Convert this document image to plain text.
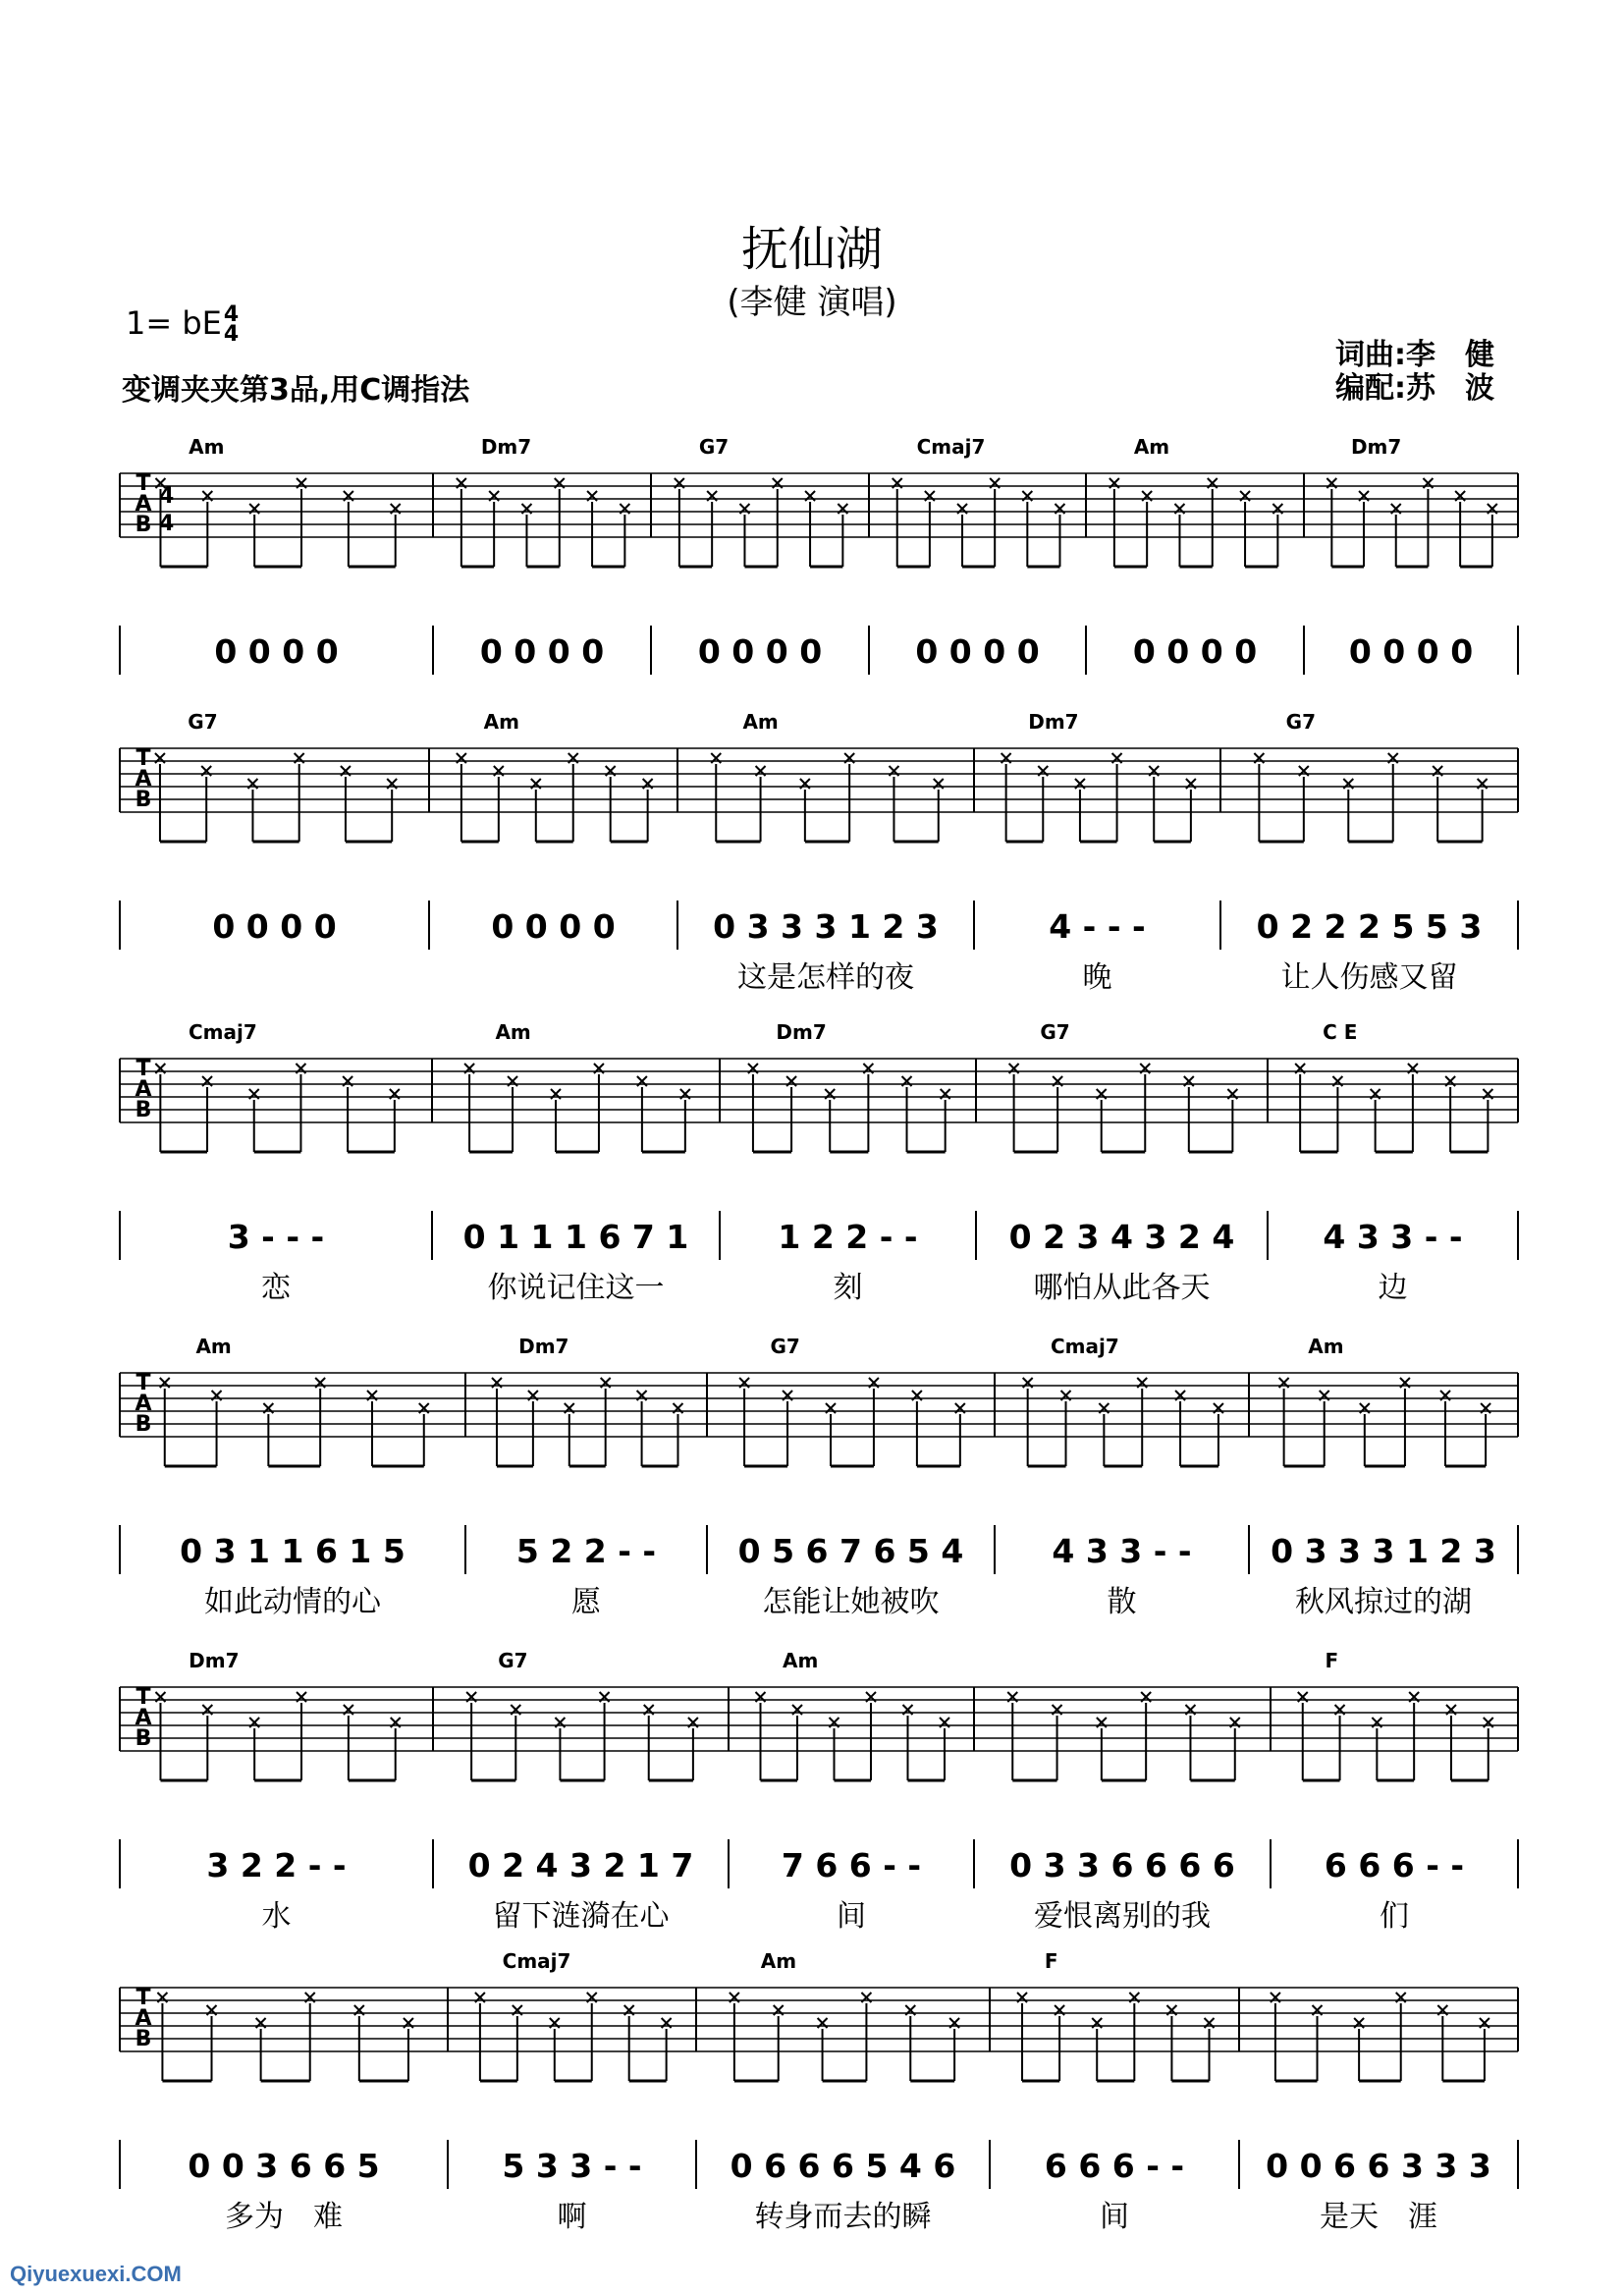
抚仙湖
(李健 演唱)
1= bE4
4
变调夹夹第3品,用C调指法
词曲:李　健
编配:苏　波
T
A
B
4
4
Am
0 0 0 0
Dm7
0 0 0 0
G7
0 0 0 0
Cmaj7
0 0 0 0
Am
0 0 0 0
Dm7
0 0 0 0
T
A
B
G7
0 0 0 0
Am
0 0 0 0
Am
0 3 3 3 1 2 3
这是怎样的夜
Dm7
4 - - -
晚
G7
0 2 2 2 5 5 3
让人伤感又留
T
A
B
Cmaj7
3 - - -
恋
Am
0 1 1 1 6 7 1
你说记住这一
Dm7
1 2 2 - -
刻
G7
0 2 3 4 3 2 4
哪怕从此各天
C E
4 3 3 - -
边
T
A
B
Am
0 3 1 1 6 1 5
如此动情的心
Dm7
5 2 2 - -
愿
G7
0 5 6 7 6 5 4
怎能让她被吹
Cmaj7
4 3 3 - -
散
Am
0 3 3 3 1 2 3
秋风掠过的湖
T
A
B
Dm7
3 2 2 - -
水
G7
0 2 4 3 2 1 7
留下涟漪在心
Am
7 6 6 - -
间
0 3 3 6 6 6 6
爱恨离别的我
F
6 6 6 - -
们
T
A
B
0 0 3 6 6 5
多为　难
Cmaj7
5 3 3 - -
啊
Am
0 6 6 6 5 4 6
转身而去的瞬
F
6 6 6 - -
间
0 0 6 6 3 3 3
是天　涯
Qiyuexuexi.COM
